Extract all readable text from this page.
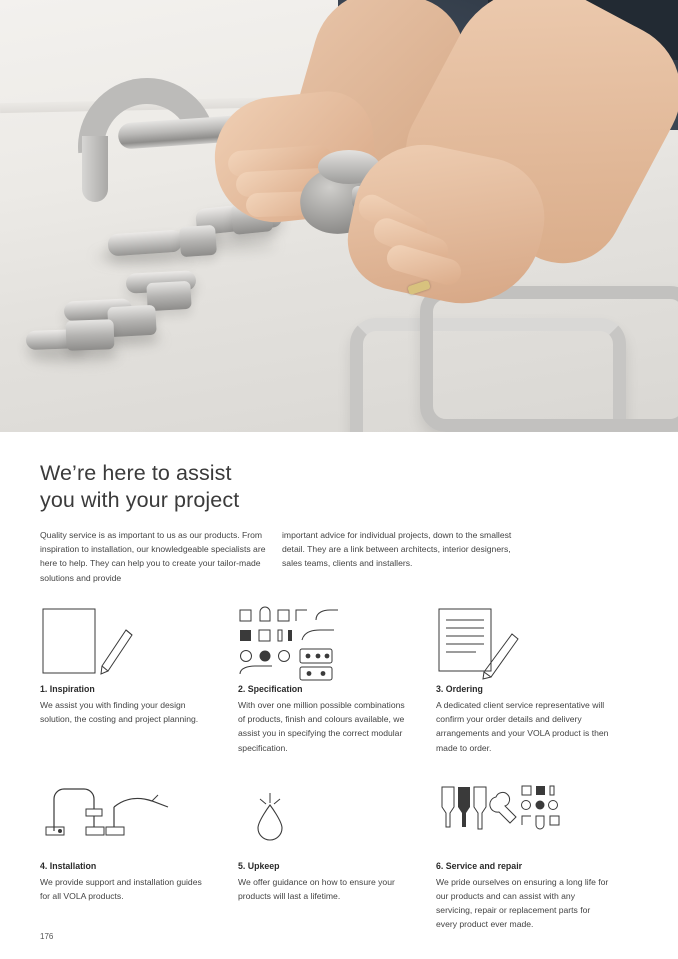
We’re here to assist
you with your project
Quality service is as important to us as our products. From inspiration to installation, our knowledgeable specialists are here to help. They can help you to create your tailor-made solutions and provide
important advice for individual projects, down to the smallest detail. They are a link between architects, interior designers, sales teams, clients and installers.
1. Inspiration
We assist you with finding your design solution, the costing and project planning.
2. Specification
With over one million possible combinations of products, finish and colours available, we assist you in specifying the correct modular specification.
3. Ordering
A dedicated client service representative will confirm your order details and delivery arrangements and your VOLA product is then made to order.
4. Installation
We provide support and installation guides for all VOLA products.
5. Upkeep
We offer guidance on how to ensure your products will last a lifetime.
6. Service and repair
We pride ourselves on ensuring a long life for our products and can assist with any servicing, repair or replacement parts for every product ever made.
176
